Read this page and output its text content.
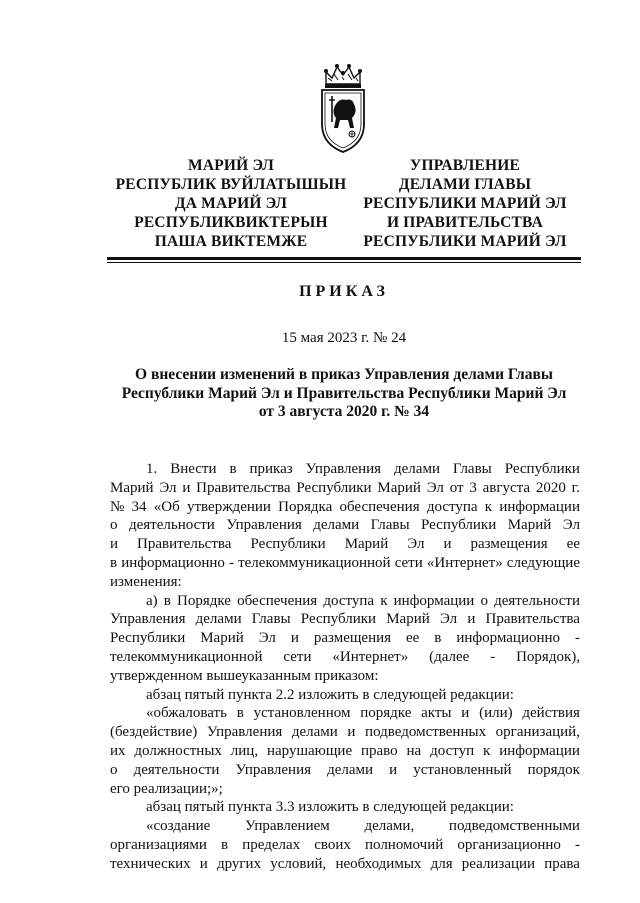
МАРИЙ ЭЛ
РЕСПУБЛИК ВУЙЛАТЫШЫН
ДА МАРИЙ ЭЛ
РЕСПУБЛИКВИКТЕРЫН
ПАША ВИКТЕМЖЕ
УПРАВЛЕНИЕ
ДЕЛАМИ ГЛАВЫ
РЕСПУБЛИКИ МАРИЙ ЭЛ
И ПРАВИТЕЛЬСТВА
РЕСПУБЛИКИ МАРИЙ ЭЛ
ПРИКАЗ
15 мая 2023 г. № 24
О внесении изменений в приказ Управления делами Главы
Республики Марий Эл и Правительства Республики Марий Эл
от 3 августа 2020 г. № 34
1. Внести в приказ Управления делами Главы Республики
Марий Эл и Правительства Республики Марий Эл от 3 августа 2020 г.
№ 34 «Об утверждении Порядка обеспечения доступа к информации
о деятельности Управления делами Главы Республики Марий Эл
и Правительства Республики Марий Эл и размещения ее
в информационно - телекоммуникационной сети «Интернет» следующие
изменения:
а) в Порядке обеспечения доступа к информации о деятельности
Управления делами Главы Республики Марий Эл и Правительства
Республики Марий Эл и размещения ее в информационно -
телекоммуникационной сети «Интернет» (далее - Порядок),
утвержденном вышеуказанным приказом:
абзац пятый пункта 2.2 изложить в следующей редакции:
«обжаловать в установленном порядке акты и (или) действия
(бездействие) Управления делами и подведомственных организаций,
их должностных лиц, нарушающие право на доступ к информации
о деятельности Управления делами и установленный порядок
его реализации;»;
абзац пятый пункта 3.3 изложить в следующей редакции:
«создание Управлением делами, подведомственными
организациями в пределах своих полномочий организационно -
технических и других условий, необходимых для реализации права
